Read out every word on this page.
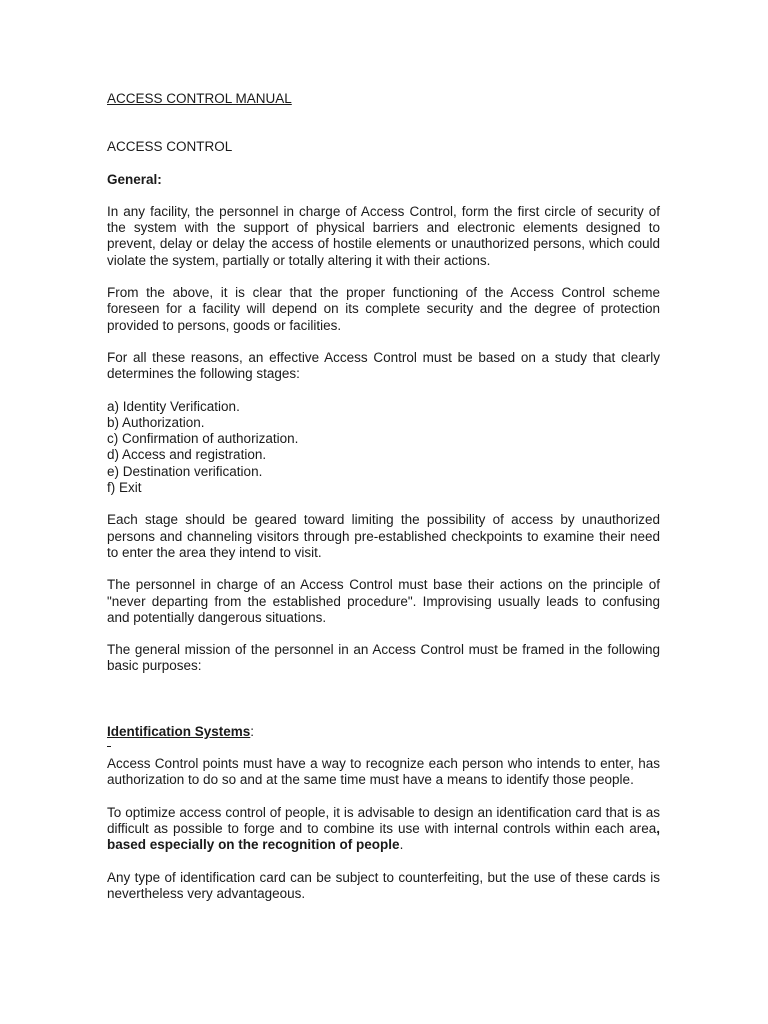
ACCESS CONTROL MANUAL
ACCESS CONTROL
General:

In any facility, the personnel in charge of Access Control, form the first circle of security of the system with the support of physical barriers and electronic elements designed to prevent, delay or delay the access of hostile elements or unauthorized persons, which could violate the system, partially or totally altering it with their actions.

From the above, it is clear that the proper functioning of the Access Control scheme foreseen for a facility will depend on its complete security and the degree of protection provided to persons, goods or facilities.

For all these reasons, an effective Access Control must be based on a study that clearly determines the following stages:

a) Identity Verification.
b) Authorization.
c) Confirmation of authorization.
d) Access and registration.
e) Destination verification.
f) Exit

Each stage should be geared toward limiting the possibility of access by unauthorized persons and channeling visitors through pre-established checkpoints to examine their need to enter the area they intend to visit.

The personnel in charge of an Access Control must base their actions on the principle of "never departing from the established procedure". Improvising usually leads to confusing and potentially dangerous situations.

The general mission of the personnel in an Access Control must be framed in the following basic purposes:

Identification Systems:

Access Control points must have a way to recognize each person who intends to enter, has authorization to do so and at the same time must have a means to identify those people.

To optimize access control of people, it is advisable to design an identification card that is as difficult as possible to forge and to combine its use with internal controls within each area, based especially on the recognition of people.

Any type of identification card can be subject to counterfeiting, but the use of these cards is nevertheless very advantageous.
